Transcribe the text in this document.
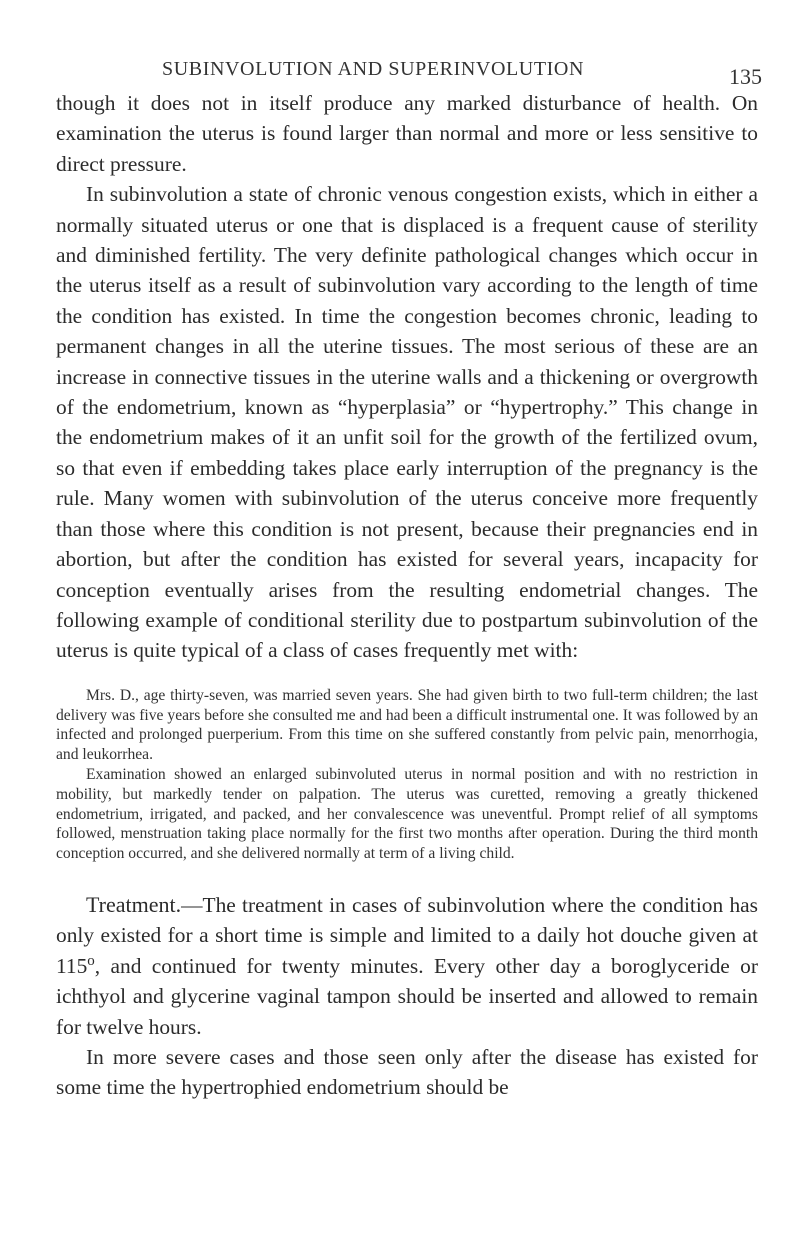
SUBINVOLUTION AND SUPERINVOLUTION	135

though it does not in itself produce any marked disturbance of health. On examination the uterus is found larger than normal and more or less sensitive to direct pressure.

In subinvolution a state of chronic venous congestion exists, which in either a normally situated uterus or one that is displaced is a frequent cause of sterility and diminished fertility. The very definite pathological changes which occur in the uterus itself as a result of subinvolution vary according to the length of time the condition has existed. In time the congestion becomes chronic, leading to permanent changes in all the uterine tissues. The most serious of these are an increase in connective tissues in the uterine walls and a thickening or overgrowth of the endometrium, known as “hyperplasia” or “hypertrophy.” This change in the endometrium makes of it an unfit soil for the growth of the fertilized ovum, so that even if embedding takes place early interruption of the pregnancy is the rule. Many women with subinvolution of the uterus conceive more frequently than those where this condition is not present, because their pregnancies end in abortion, but after the condition has existed for several years, incapacity for conception eventually arises from the resulting endometrial changes. The following example of conditional sterility due to postpartum subinvolution of the uterus is quite typical of a class of cases frequently met with:

Mrs. D., age thirty-seven, was married seven years. She had given birth to two full-term children; the last delivery was five years before she consulted me and had been a difficult instrumental one. It was followed by an infected and prolonged puerperium. From this time on she suffered constantly from pelvic pain, menorrhogia, and leukorrhea.

Examination showed an enlarged subinvoluted uterus in normal position and with no restriction in mobility, but markedly tender on palpation. The uterus was curetted, removing a greatly thickened endometrium, irrigated, and packed, and her convalescence was uneventful. Prompt relief of all symptoms followed, menstruation taking place normally for the first two months after operation. During the third month conception occurred, and she delivered normally at term of a living child.

Treatment.—The treatment in cases of subinvolution where the condition has only existed for a short time is simple and limited to a daily hot douche given at 115$^o$, and continued for twenty minutes. Every other day a boroglyceride or ichthyol and glycerine vaginal tampon should be inserted and allowed to remain for twelve hours.

In more severe cases and those seen only after the disease has existed for some time the hypertrophied endometrium should be
